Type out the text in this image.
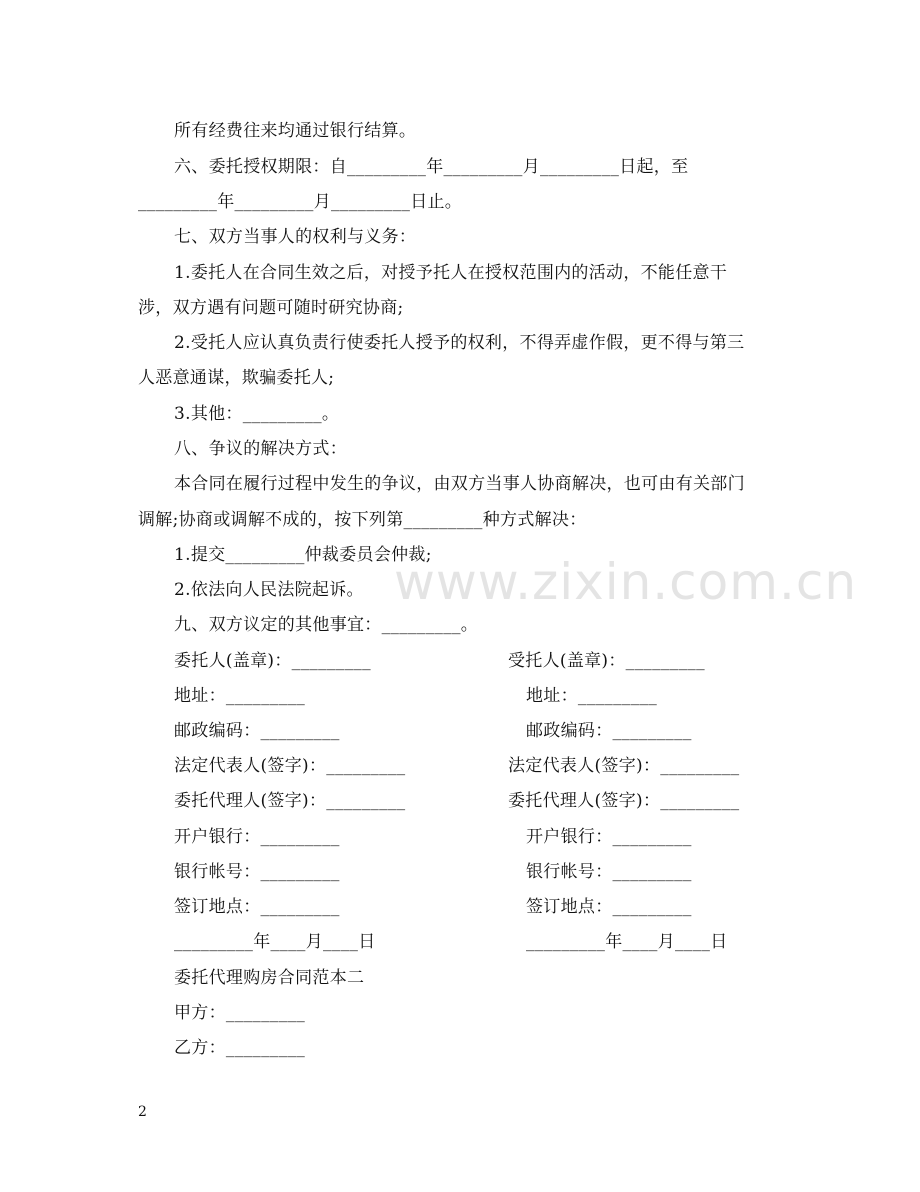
www.zixin.com.cn

所有经费往来均通过银行结算。

六、委托授权期限：自_________年_________月_________日起，至

_________年_________月_________日止。

七、双方当事人的权利与义务：

1.委托人在合同生效之后，对授予托人在授权范围内的活动，不能任意干

涉，双方遇有问题可随时研究协商;

2.受托人应认真负责行使委托人授予的权利，不得弄虚作假，更不得与第三

人恶意通谋，欺骗委托人;

3.其他：_________。

八、争议的解决方式：

本合同在履行过程中发生的争议，由双方当事人协商解决，也可由有关部门

调解;协商或调解不成的，按下列第_________种方式解决：

1.提交_________仲裁委员会仲裁;

2.依法向人民法院起诉。

九、双方议定的其他事宜：_________。

委托人(盖章)：_________

地址：_________

邮政编码：_________

法定代表人(签字)：_________

委托代理人(签字)：_________

开户银行：_________

银行帐号：_________

签订地点：_________

_________年____月____日

受托人(盖章)：_________

地址：_________

邮政编码：_________

法定代表人(签字)：_________

委托代理人(签字)：_________

开户银行：_________

银行帐号：_________

签订地点：_________

_________年____月____日

委托代理购房合同范本二

甲方：_________

乙方：_________

2
